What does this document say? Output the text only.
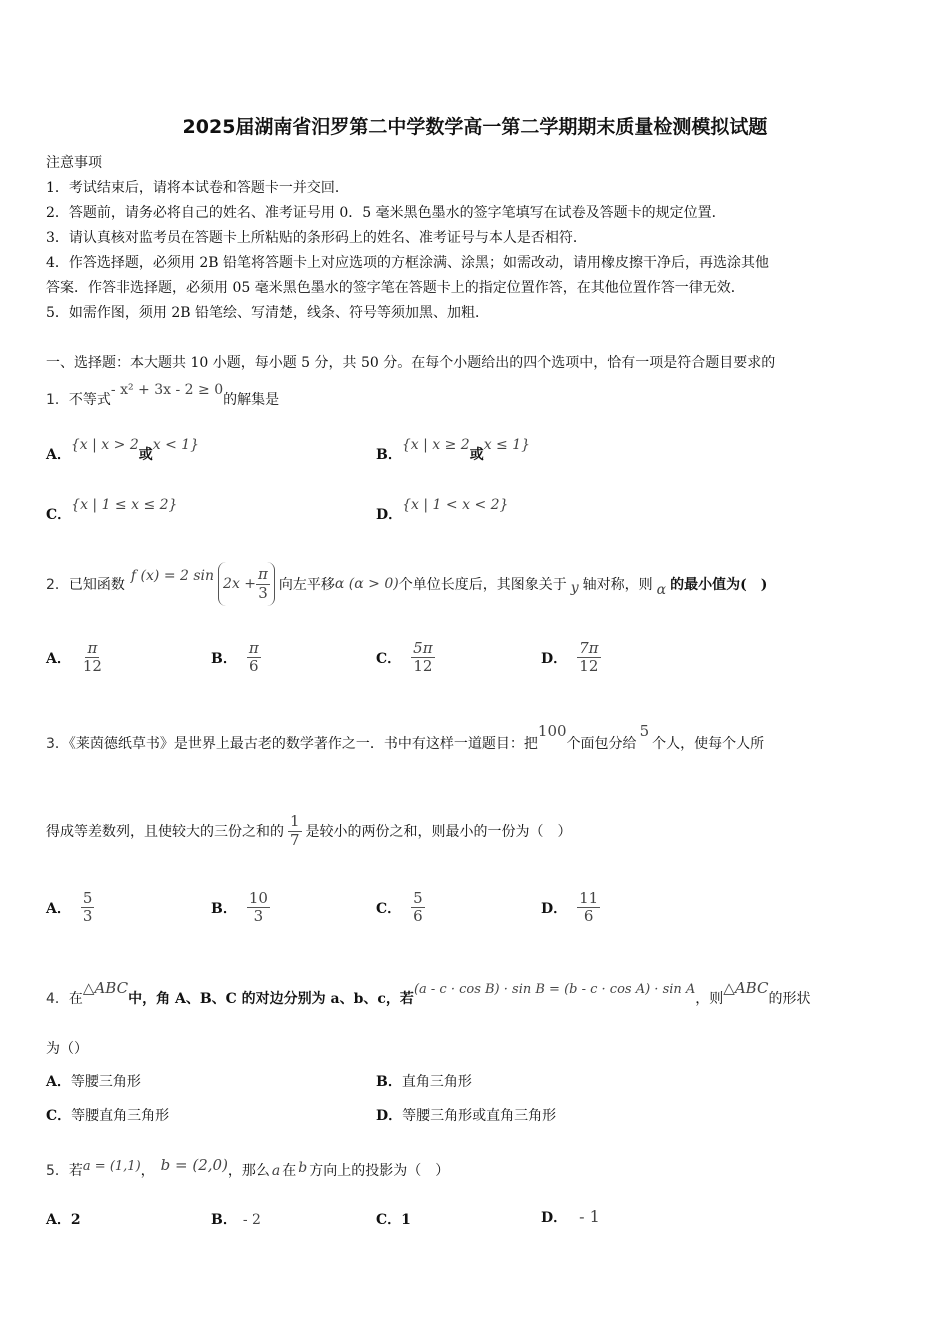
2025届湖南省汨罗第二中学数学高一第二学期期末质量检测模拟试题
注意事项
1．考试结束后，请将本试卷和答题卡一并交回．
2．答题前，请务必将自己的姓名、准考证号用 0．5 毫米黑色墨水的签字笔填写在试卷及答题卡的规定位置．
3．请认真核对监考员在答题卡上所粘贴的条形码上的姓名、准考证号与本人是否相符．
4．作答选择题，必须用 2B 铅笔将答题卡上对应选项的方框涂满、涂黑；如需改动，请用橡皮擦干净后，再选涂其他
答案．作答非选择题，必须用 05 毫米黑色墨水的签字笔在答题卡上的指定位置作答，在其他位置作答一律无效．
5．如需作图，须用 2B 铅笔绘、写清楚，线条、符号等须加黑、加粗．
一、选择题：本大题共 10 小题，每小题 5 分，共 50 分。在每个小题给出的四个选项中，恰有一项是符合题目要求的
1．不等式- x² + 3x - 2 ≥ 0的解集是
A．{x | x > 2或x < 1}
B．{x | x ≥ 2或x ≤ 1}
C．{x | 1 ≤ x ≤ 2}
D．{x | 1 < x < 2}
2． 已知函数
f (x) = 2 $\sin 2x + \frac{\pi}{3}$ 向左平移 α (α > 0) 个单位长度后，其图象关于 y 轴对称，则 α 的最小值为(　)
A． $\frac{\pi}{12}$	B． $\frac{\pi}{6}$	C． $\frac{5\pi}{12}$	D． $\frac{7\pi}{12}$
3．《莱茵德纸草书》是世界上最古老的数学著作之一．书中有这样一道题目：把100个面包分给5个人，使每个人所
得成等差数列，且使较大的三份之和的 $\frac{1}{7}$ 是较小的两份之和，则最小的一份为（　）
A． $\frac{5}{3}$	B． $\frac{10}{3}$	C． $\frac{5}{6}$	D． $\frac{11}{6}$
4．在△ABC中，角 A、B、C 的对边分别为 a、b、c，若(a - c · cos B) · sin B = (b - c · cos A) · sin A，则△ABC的形状
为（）
A．等腰三角形	B．直角三角形
C．等腰直角三角形	D．等腰三角形或直角三角形
5．若a = (1,1)， b = (2,0)，那么 a 在 b 方向上的投影为（　）
A．2	B． - 2	C．1	D． - 1
